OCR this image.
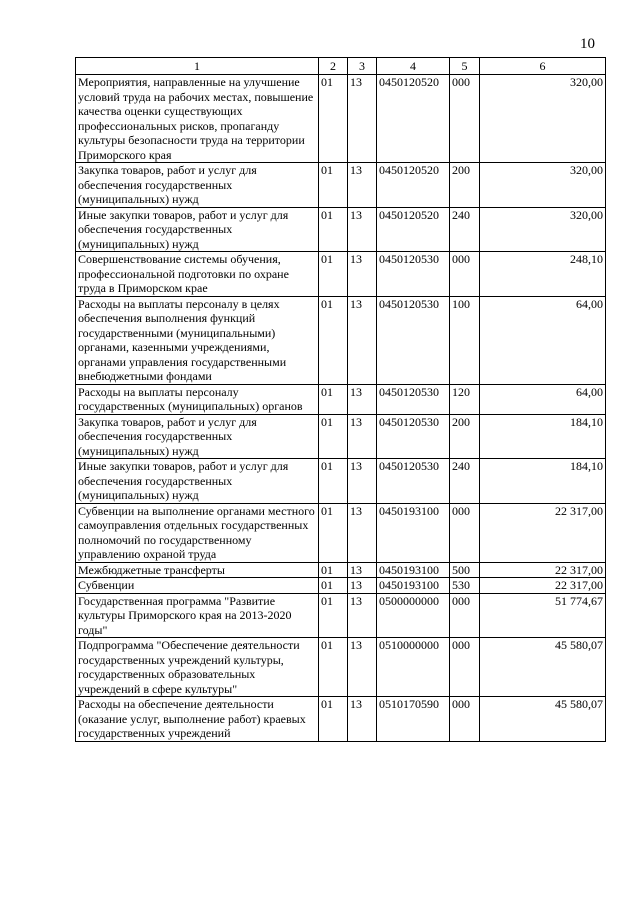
10
1	2	3	4	5	6
Мероприятия, направленные на улучшение условий труда на рабочих местах, повышение качества оценки существующих профессиональных рисков, пропаганду культуры безопасности труда на территории Приморского края	01	13	0450120520	000	320,00
Закупка товаров, работ и услуг для обеспечения государственных (муниципальных) нужд	01	13	0450120520	200	320,00
Иные закупки товаров, работ и услуг для обеспечения государственных (муниципальных) нужд	01	13	0450120520	240	320,00
Совершенствование системы обучения, профессиональной подготовки по охране труда в Приморском крае	01	13	0450120530	000	248,10
Расходы на выплаты персоналу в целях обеспечения выполнения функций государственными (муниципальными) органами, казенными учреждениями, органами управления государственными внебюджетными фондами	01	13	0450120530	100	64,00
Расходы на выплаты персоналу государственных (муниципальных) органов	01	13	0450120530	120	64,00
Закупка товаров, работ и услуг для обеспечения государственных (муниципальных) нужд	01	13	0450120530	200	184,10
Иные закупки товаров, работ и услуг для обеспечения государственных (муниципальных) нужд	01	13	0450120530	240	184,10
Субвенции на выполнение органами местного самоуправления отдельных государственных полномочий по государственному управлению охраной труда	01	13	0450193100	000	22 317,00
Межбюджетные трансферты	01	13	0450193100	500	22 317,00
Субвенции	01	13	0450193100	530	22 317,00
Государственная программа "Развитие культуры Приморского края на 2013-2020 годы"	01	13	0500000000	000	51 774,67
Подпрограмма "Обеспечение деятельности государственных учреждений культуры, государственных образовательных учреждений в сфере культуры"	01	13	0510000000	000	45 580,07
Расходы на обеспечение деятельности (оказание услуг, выполнение работ) краевых государственных учреждений	01	13	0510170590	000	45 580,07
